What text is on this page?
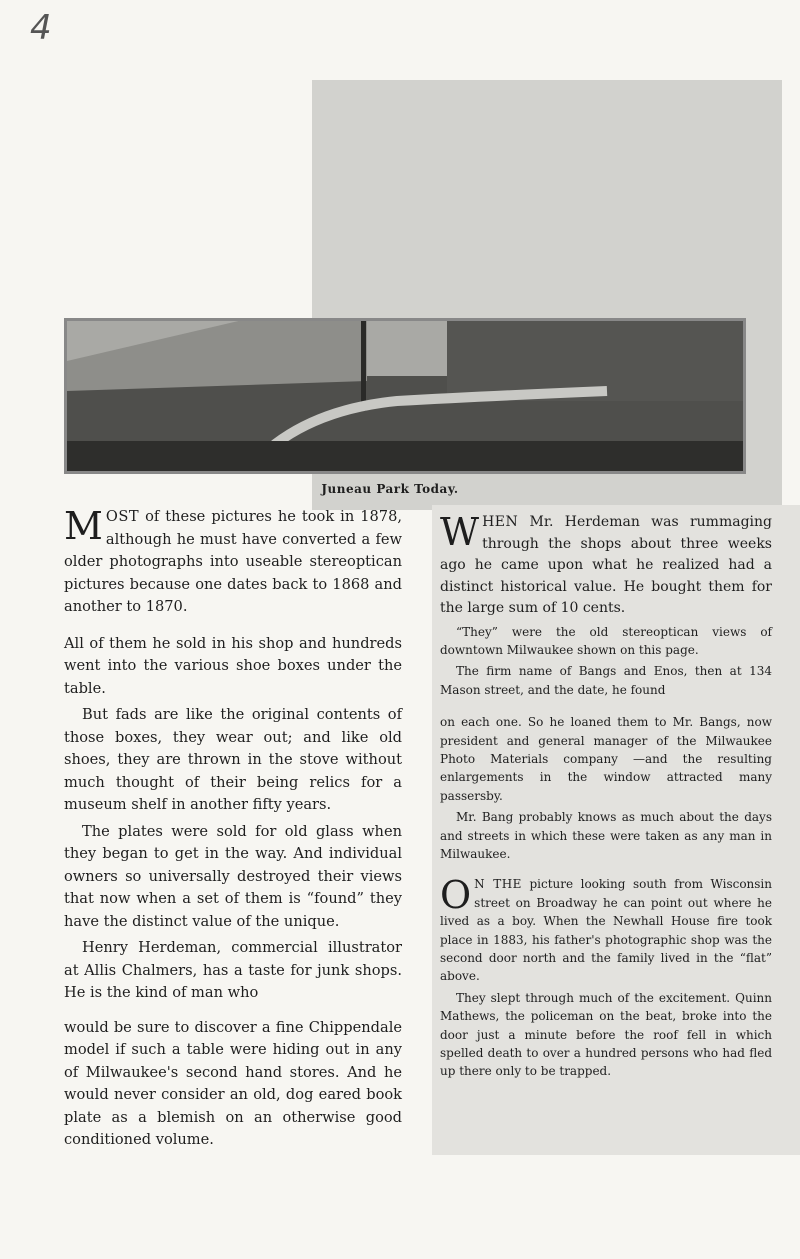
4
Juneau Park Today.

MOST of these pictures he took in 1878, although he must have converted a few older photographs into useable stereoptican pictures because one dates back to 1868 and another to 1870.

All of them he sold in his shop and hundreds went into the various shoe boxes under the table.

But fads are like the original contents of those boxes, they wear out; and like old shoes, they are thrown in the stove without much thought of their being relics for a museum shelf in another fifty years.

The plates were sold for old glass when they began to get in the way. And individual owners so universally destroyed their views that now when a set of them is “found” they have the distinct value of the unique.

Henry Herdeman, commercial illustrator at Allis Chalmers, has a taste for junk shops. He is the kind of man who

would be sure to discover a fine Chippendale model if such a table were hiding out in any of Milwaukee's second hand stores. And he would never consider an old, dog eared book plate as a blemish on an otherwise good conditioned volume.

WHEN Mr. Herdeman was rummaging through the shops about three weeks ago he came upon what he realized had a distinct historical value. He bought them for the large sum of 10 cents.

“They” were the old stereoptican views of downtown Milwaukee shown on this page.

The firm name of Bangs and Enos, then at 134 Mason street, and the date, he found

on each one. So he loaned them to Mr. Bangs, now president and general manager of the Milwaukee Photo Materials company —and the resulting enlargements in the window attracted many passersby.

Mr. Bang probably knows as much about the days and streets in which these were taken as any man in Milwaukee.

O N THE picture looking south from Wisconsin street on Broadway he can point out where he lived as a boy. When the Newhall House fire took place in 1883, his father's photographic shop was the second door north and the family lived in the “flat” above.

They slept through much of the excitement. Quinn Mathews, the policeman on the beat, broke into the door just a minute before the roof fell in which spelled death to over a hundred persons who had fled up there only to be trapped.
